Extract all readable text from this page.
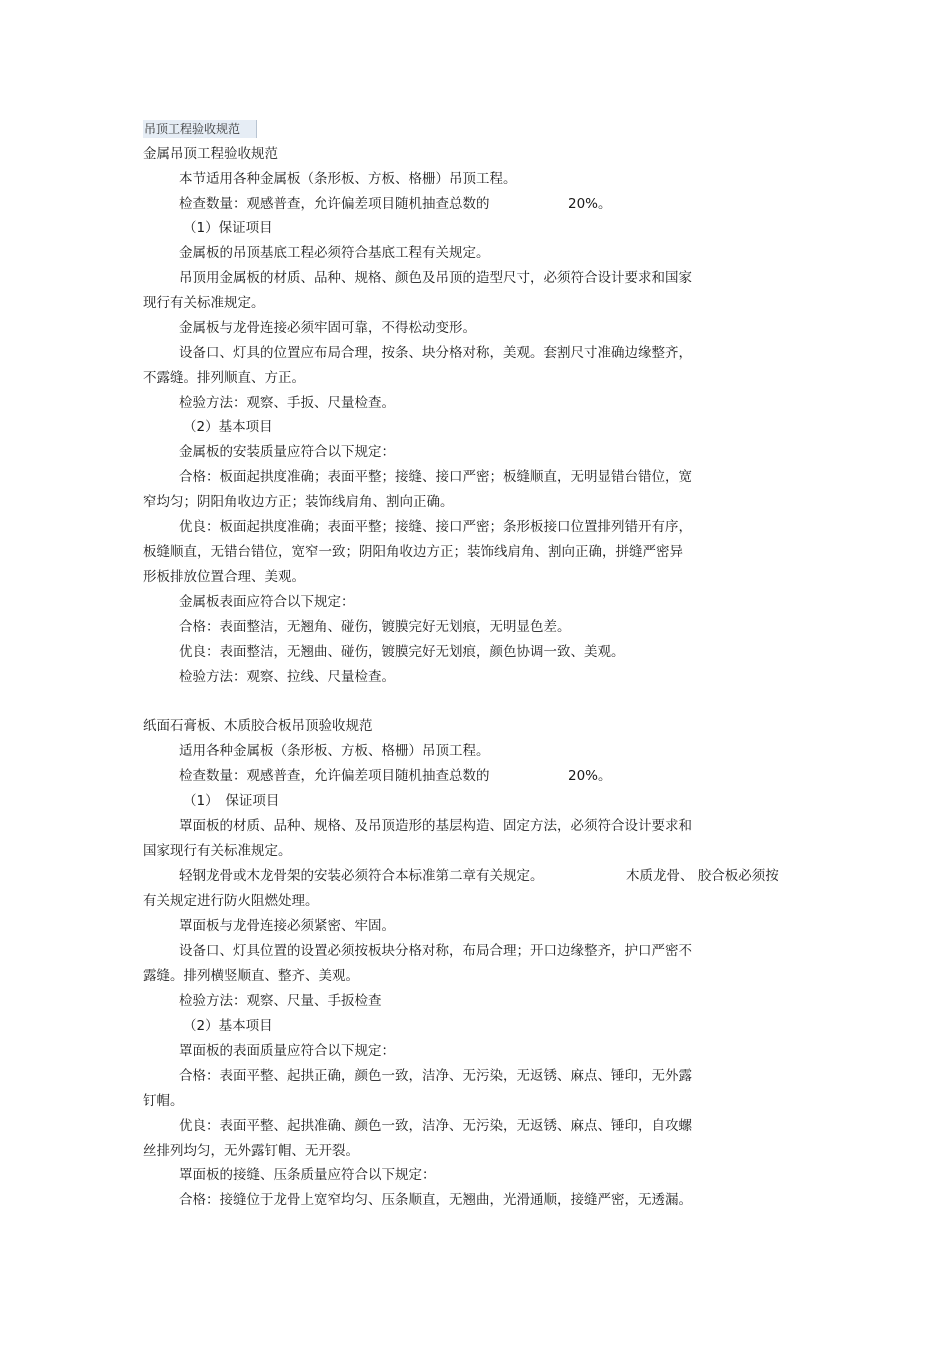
吊顶工程验收规范
金属吊顶工程验收规范
本节适用各种金属板（条形板、方板、格栅）吊顶工程。
检查数量：观感普查，允许偏差项目随机抽查总数的	20%。
（1）保证项目
金属板的吊顶基底工程必须符合基底工程有关规定。
吊顶用金属板的材质、品种、规格、颜色及吊顶的造型尺寸，必须符合设计要求和国家
现行有关标准规定。
金属板与龙骨连接必须牢固可靠，不得松动变形。
设备口、灯具的位置应布局合理，按条、块分格对称，美观。套割尺寸准确边缘整齐，
不露缝。排列顺直、方正。
检验方法：观察、手扳、尺量检查。
（2）基本项目
金属板的安装质量应符合以下规定：
合格：板面起拱度准确；表面平整；接缝、接口严密；板缝顺直，无明显错台错位，宽
窄均匀；阴阳角收边方正；装饰线肩角、割向正确。
优良：板面起拱度准确；表面平整；接缝、接口严密；条形板接口位置排列错开有序，
板缝顺直，无错台错位，宽窄一致；阴阳角收边方正；装饰线肩角、割向正确，拼缝严密异
形板排放位置合理、美观。
金属板表面应符合以下规定：
合格：表面整洁，无翘角、碰伤，镀膜完好无划痕，无明显色差。
优良：表面整洁，无翘曲、碰伤，镀膜完好无划痕，颜色协调一致、美观。
检验方法：观察、拉线、尺量检查。
纸面石膏板、木质胶合板吊顶验收规范
适用各种金属板（条形板、方板、格栅）吊顶工程。
检查数量：观感普查，允许偏差项目随机抽查总数的	20%。
（1）　保证项目
罩面板的材质、品种、规格、及吊顶造形的基层构造、固定方法，必须符合设计要求和
国家现行有关标准规定。
轻钢龙骨或木龙骨架的安装必须符合本标准第二章有关规定。	木质龙骨、 胶合板必须按
有关规定进行防火阻燃处理。
罩面板与龙骨连接必须紧密、牢固。
设备口、灯具位置的设置必须按板块分格对称，布局合理；开口边缘整齐，护口严密不
露缝。排列横竖顺直、整齐、美观。
检验方法：观察、尺量、手扳检查
（2）基本项目
罩面板的表面质量应符合以下规定：
合格：表面平整、起拱正确，颜色一致，洁净、无污染，无返锈、麻点、锤印，无外露
钉帽。
优良：表面平整、起拱准确、颜色一致，洁净、无污染，无返锈、麻点、锤印，自攻螺
丝排列均匀，无外露钉帽、无开裂。
罩面板的接缝、压条质量应符合以下规定：
合格：接缝位于龙骨上宽窄均匀、压条顺直，无翘曲，光滑通顺，接缝严密，无透漏。
